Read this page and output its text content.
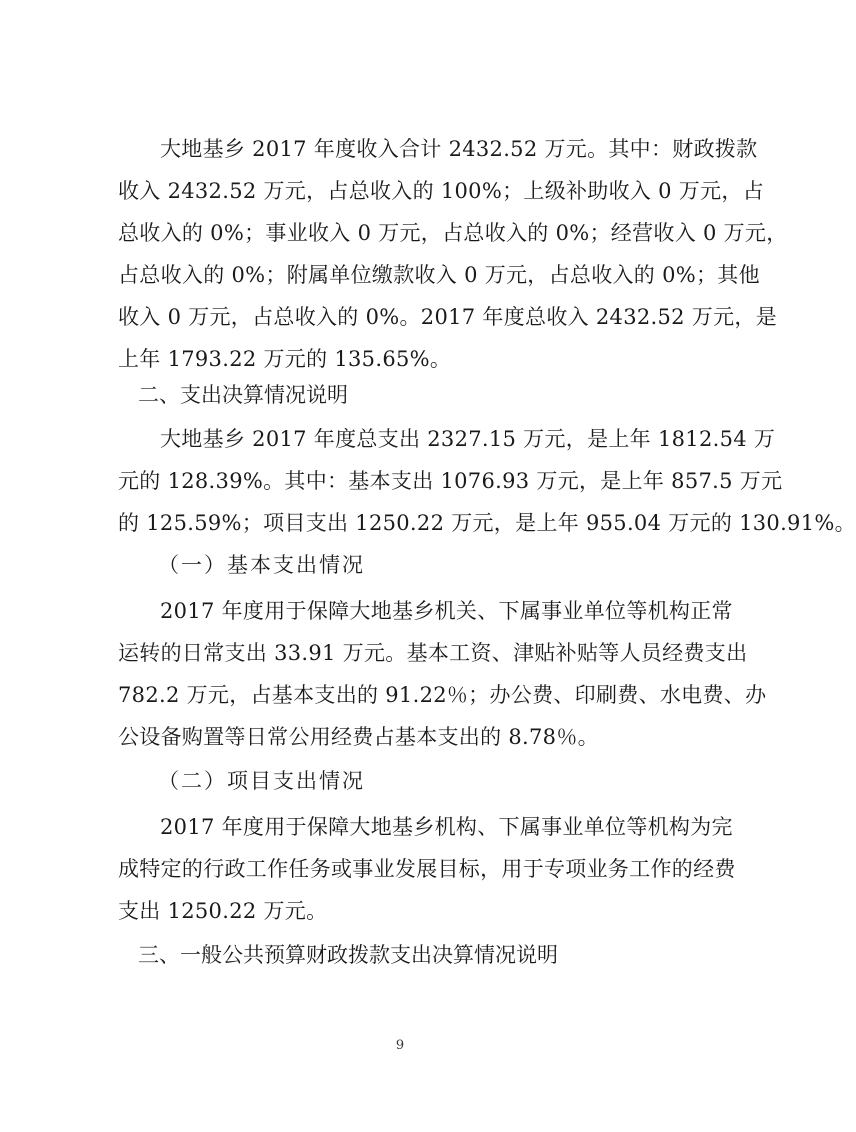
大地基乡 2017 年度收入合计 2432.52 万元。其中：财政拨款
收入 2432.52 万元，占总收入的 100%；上级补助收入 0 万元，占
总收入的 0%；事业收入 0 万元，占总收入的 0%；经营收入 0 万元，
占总收入的 0%；附属单位缴款收入 0 万元，占总收入的 0%；其他
收入 0 万元，占总收入的 0%。2017 年度总收入 2432.52 万元，是
上年 1793.22 万元的 135.65%。
二、支出决算情况说明
大地基乡 2017 年度总支出 2327.15 万元，是上年 1812.54 万
元的 128.39%。其中：基本支出 1076.93 万元，是上年 857.5 万元
的 125.59%；项目支出 1250.22 万元，是上年 955.04 万元的 130.91%。
（一）基本支出情况
2017 年度用于保障大地基乡机关、下属事业单位等机构正常
运转的日常支出 33.91 万元。基本工资、津贴补贴等人员经费支出
782.2 万元，占基本支出的 91.22％；办公费、印刷费、水电费、办
公设备购置等日常公用经费占基本支出的 8.78％。
（二）项目支出情况
2017 年度用于保障大地基乡机构、下属事业单位等机构为完
成特定的行政工作任务或事业发展目标，用于专项业务工作的经费
支出 1250.22 万元。
三、一般公共预算财政拨款支出决算情况说明
9
